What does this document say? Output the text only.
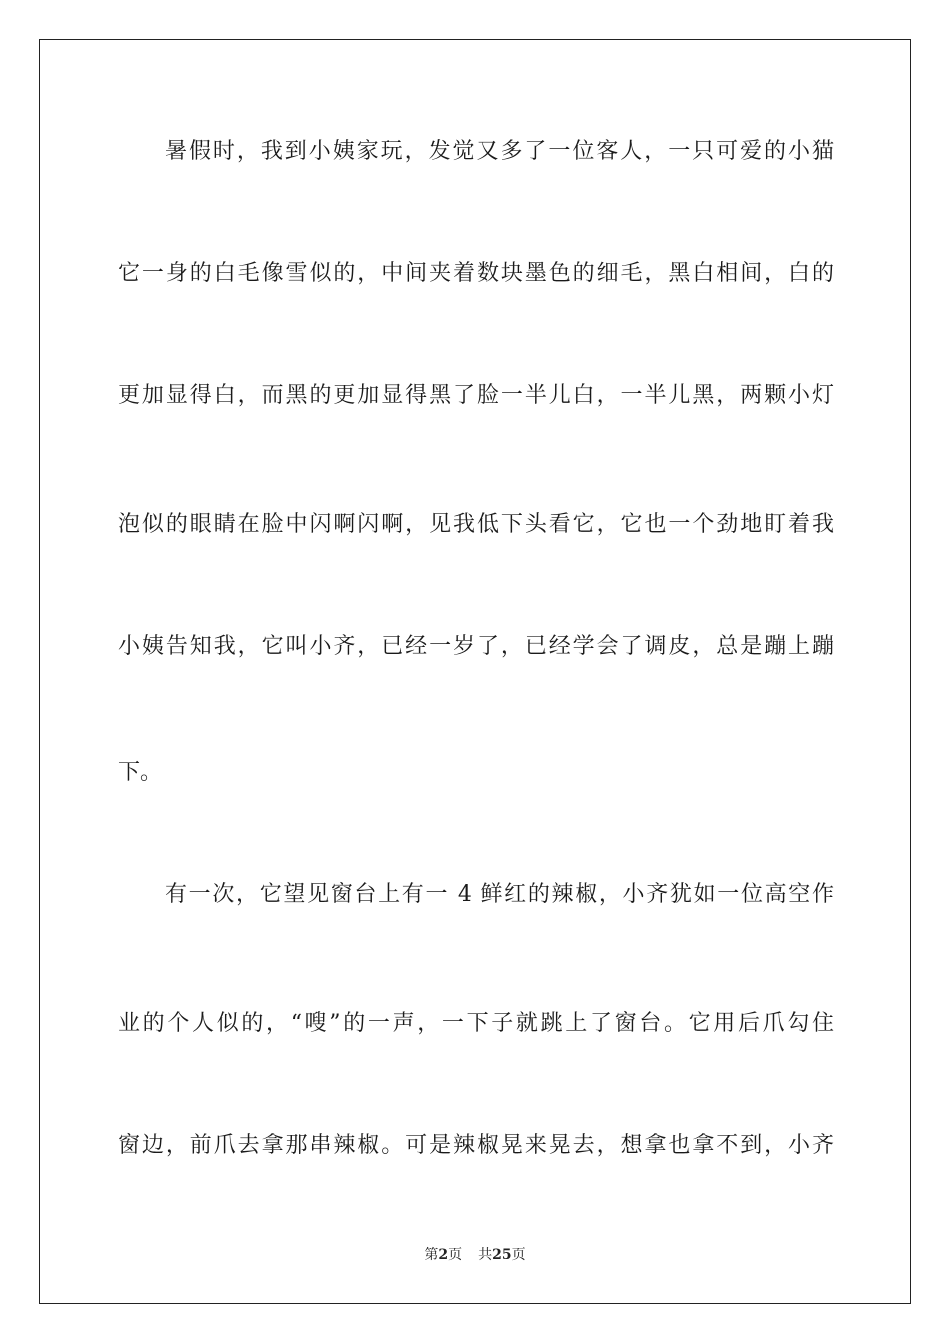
暑假时，我到小姨家玩，发觉又多了一位客人，一只可爱的小猫
它一身的白毛像雪似的，中间夹着数块墨色的细毛，黑白相间，白的
更加显得白，而黑的更加显得黑了脸一半儿白，一半儿黑，两颗小灯
泡似的眼睛在脸中闪啊闪啊，见我低下头看它，它也一个劲地盯着我
小姨告知我，它叫小齐，已经一岁了，已经学会了调皮，总是蹦上蹦
下。
有一次，它望见窗台上有一 4 鲜红的辣椒，小齐犹如一位高空作
业的个人似的，“嗖”的一声，一下子就跳上了窗台。它用后爪勾住
窗边，前爪去拿那串辣椒。可是辣椒晃来晃去，想拿也拿不到，小齐
第2页 共25页
